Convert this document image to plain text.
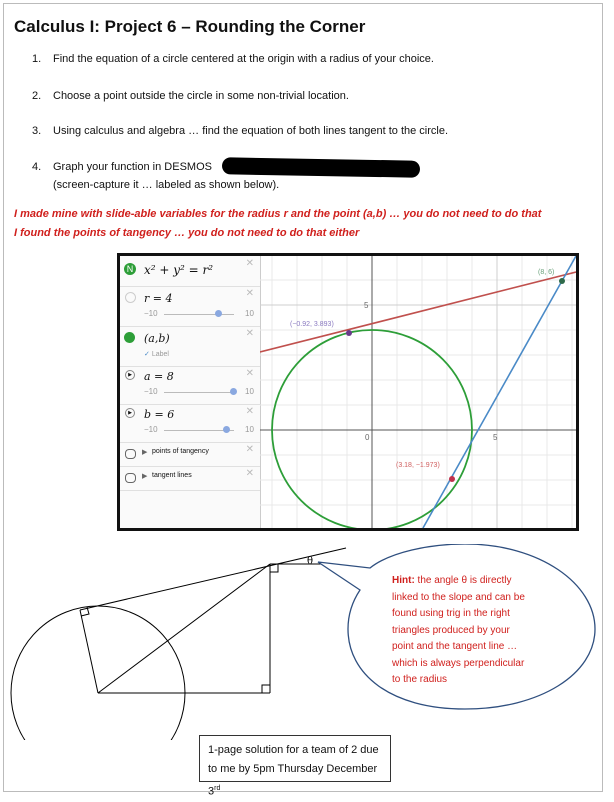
Calculus I: Project 6 – Rounding the Corner
1. Find the equation of a circle centered at the origin with a radius of your choice.
2. Choose a point outside the circle in some non-trivial location.
3. Using calculus and algebra … find the equation of both lines tangent to the circle.
4. Graph your function in DESMOS
(screen-capture it … labeled as shown below).
I made mine with slide-able variables for the radius r and the point (a,b) … you do not need to do that
I found the points of tangency … you do not need to do that either
N x² + y² = r²	✕
r = 4
−10	10
✕
(a,b)
✓ Label
✕
▶ a = 8
−10	10
✕
▶ b = 6
−10	10
✕
▶ points of tangency	✕
▶ tangent lines	✕
5
0
5
(−0.92, 3.893)
(3.18, −1.973)
(8, 6)
θ
Hint: the angle θ is directly linked to the slope and can be found using trig in the right triangles produced by your point and the tangent line … which is always perpendicular to the radius
1-page solution for a team of 2 due
to me by 5pm Thursday December 3rd
